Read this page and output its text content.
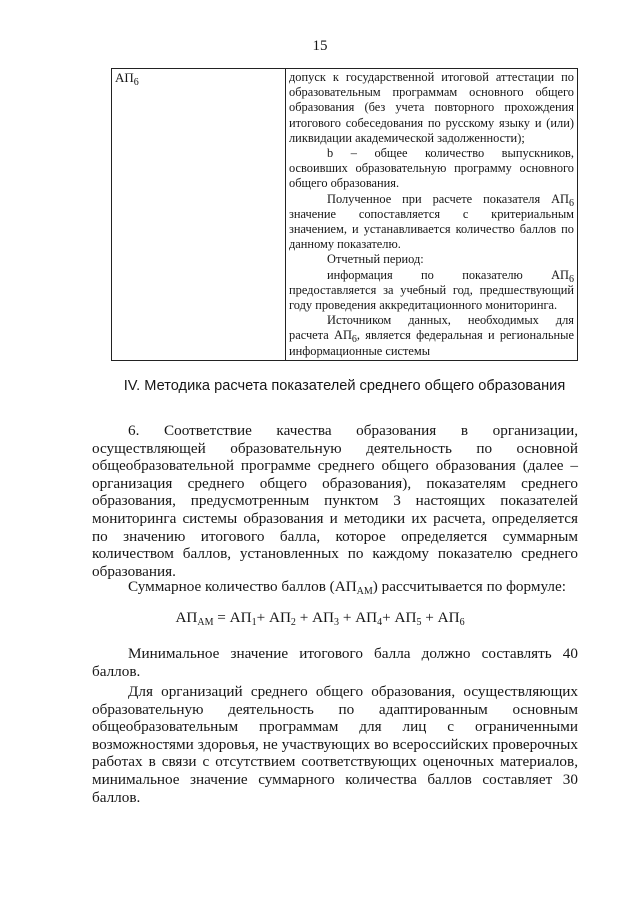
15
$АП_6$	допуск к государственной итоговой аттестации по образовательным программам основного общего образования (без учета повторного прохождения итогового собеседования по русскому языку и (или) ликвидации академической задолженности);

b – общее количество выпускников, освоивших образовательную программу основного общего образования.

Полученное при расчете показателя $АП_6$ значение сопоставляется с критериальным значением, и устанавливается количество баллов по данному показателю.

Отчетный период:

информация по показателю $АП_6$ предоставляется за учебный год, предшествующий году проведения аккредитационного мониторинга.

Источником данных, необходимых для расчета $АП_6$, является федеральная и региональные информационные системы

IV. Методика расчета показателей среднего общего образования

6. Соответствие качества образования в организации, осуществляющей образовательную деятельность по основной общеобразовательной программе среднего общего образования (далее – организация среднего общего образования), показателям среднего образования, предусмотренным пунктом 3 настоящих показателей мониторинга системы образования и методики их расчета, определяется по значению итогового балла, которое определяется суммарным количеством баллов, установленных по каждому показателю среднего образования.

Суммарное количество баллов $(АП_{АМ})$ рассчитывается по формуле:

$АП_{АМ} = АП_1+ АП_2 + АП_3 + АП_4+ АП_5 + АП_6$

Минимальное значение итогового балла должно составлять 40 баллов.

Для организаций среднего общего образования, осуществляющих образовательную деятельность по адаптированным основным общеобразовательным программам для лиц с ограниченными возможностями здоровья, не участвующих во всероссийских проверочных работах в связи с отсутствием соответствующих оценочных материалов, минимальное значение суммарного количества баллов составляет 30 баллов.
